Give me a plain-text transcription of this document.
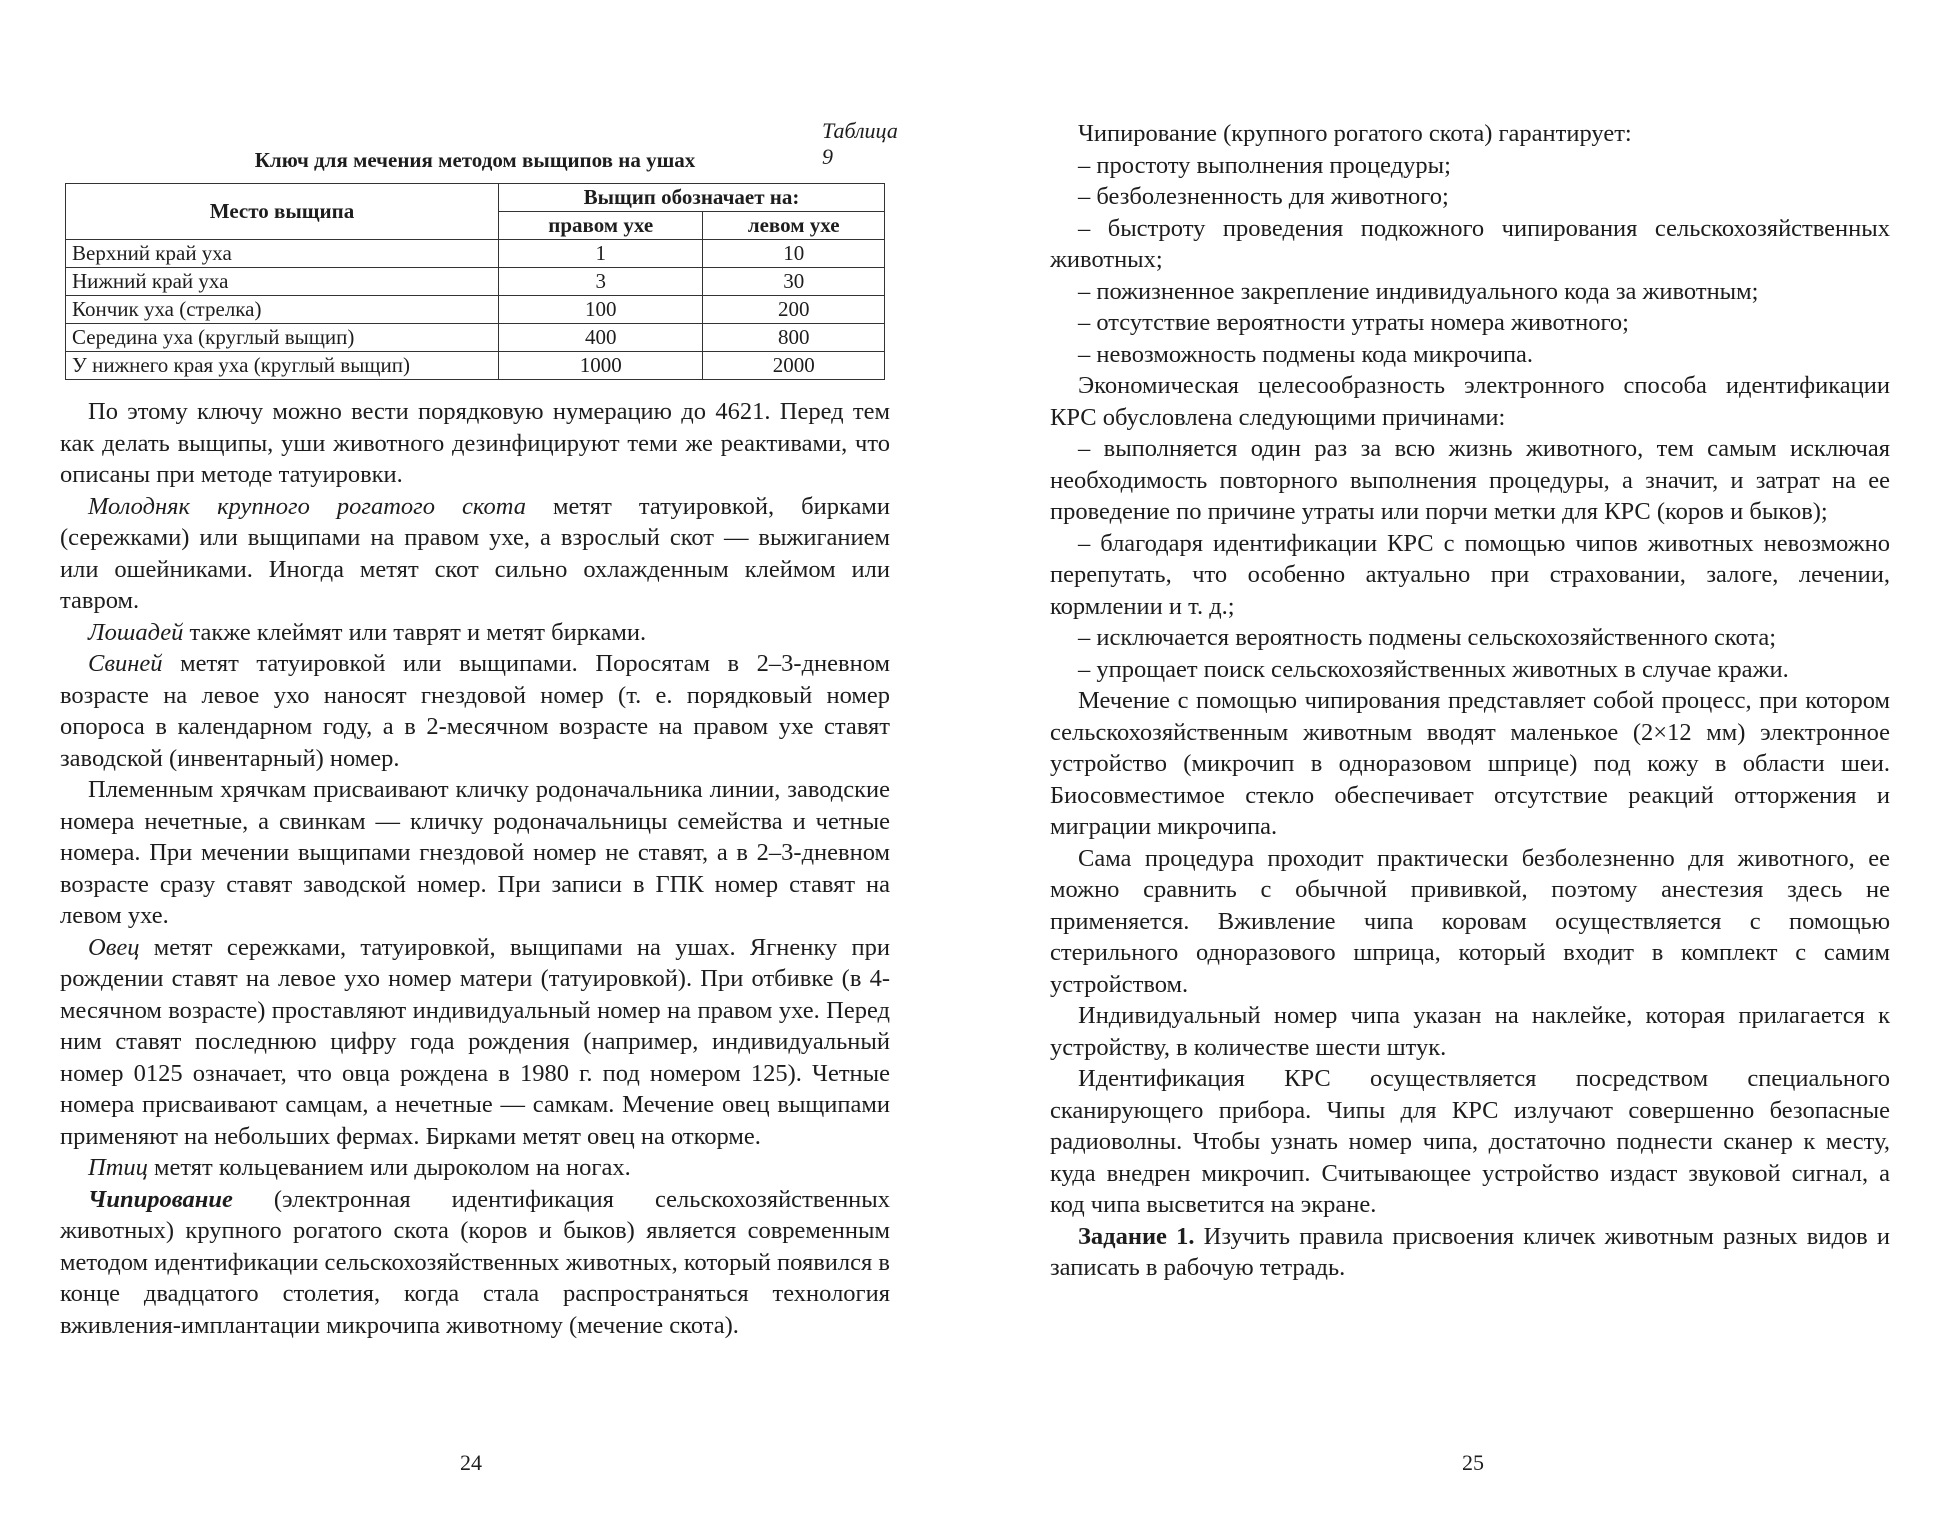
Таблица 9
Ключ для мечения методом выщипов на ушах
Место выщипа	Выщип обозначает на:	
	правом ухе	левом ухе
Верхний край уха	1	10
Нижний край уха	3	30
Кончик уха (стрелка)	100	200
Середина уха (круглый выщип)	400	800
У нижнего края уха (круглый выщип)	1000	2000

По этому ключу можно вести порядковую нумерацию до 4621. Перед тем как делать выщипы, уши животного дезинфицируют теми же реактивами, что описаны при методе татуировки.

Молодняк крупного рогатого скота метят татуировкой, бирками (сережками) или выщипами на правом ухе, а взрослый скот — выжиганием или ошейниками. Иногда метят скот сильно охлажденным клеймом или тавром.

Лошадей также клеймят или таврят и метят бирками.

Свиней метят татуировкой или выщипами. Поросятам в 2–3-дневном возрасте на левое ухо наносят гнездовой номер (т. е. порядковый номер опороса в календарном году, а в 2-месячном возрасте на правом ухе ставят заводской (инвентарный) номер.

Племенным хрячкам присваивают кличку родоначальника линии, заводские номера нечетные, а свинкам — кличку родоначальницы семейства и четные номера. При мечении выщипами гнездовой номер не ставят, а в 2–3-дневном возрасте сразу ставят заводской номер. При записи в ГПК номер ставят на левом ухе.

Овец метят сережками, татуировкой, выщипами на ушах. Ягненку при рождении ставят на левое ухо номер матери (татуировкой). При отбивке (в 4-месячном возрасте) проставляют индивидуальный номер на правом ухе. Перед ним ставят последнюю цифру года рождения (например, индивидуальный номер 0125 означает, что овца рождена в 1980 г. под номером 125). Четные номера присваивают самцам, а нечетные — самкам. Мечение овец выщипами применяют на небольших фермах. Бирками метят овец на откорме.

Птиц метят кольцеванием или дыроколом на ногах.

Чипирование (электронная идентификация сельскохозяйственных животных) крупного рогатого скота (коров и быков) является современным методом идентификации сельскохозяйственных животных, который появился в конце двадцатого столетия, когда стала распространяться технология вживления-имплантации микрочипа животному (мечение скота).

24

Чипирование (крупного рогатого скота) гарантирует:

– простоту выполнения процедуры;

– безболезненность для животного;

– быстроту проведения подкожного чипирования сельскохозяйственных животных;

– пожизненное закрепление индивидуального кода за животным;

– отсутствие вероятности утраты номера животного;

– невозможность подмены кода микрочипа.

Экономическая целесообразность электронного способа идентификации КРС обусловлена следующими причинами:

– выполняется один раз за всю жизнь животного, тем самым исключая необходимость повторного выполнения процедуры, а значит, и затрат на ее проведение по причине утраты или порчи метки для КРС (коров и быков);

– благодаря идентификации КРС с помощью чипов животных невозможно перепутать, что особенно актуально при страховании, залоге, лечении, кормлении и т. д.;

– исключается вероятность подмены сельскохозяйственного скота;

– упрощает поиск сельскохозяйственных животных в случае кражи.

Мечение с помощью чипирования представляет собой процесс, при котором сельскохозяйственным животным вводят маленькое (2×12 мм) электронное устройство (микрочип в одноразовом шприце) под кожу в области шеи. Биосовместимое стекло обеспечивает отсутствие реакций отторжения и миграции микрочипа.

Сама процедура проходит практически безболезненно для животного, ее можно сравнить с обычной прививкой, поэтому анестезия здесь не применяется. Вживление чипа коровам осуществляется с помощью стерильного одноразового шприца, который входит в комплект с самим устройством.

Индивидуальный номер чипа указан на наклейке, которая прилагается к устройству, в количестве шести штук.

Идентификация КРС осуществляется посредством специального сканирующего прибора. Чипы для КРС излучают совершенно безопасные радиоволны. Чтобы узнать номер чипа, достаточно поднести сканер к месту, куда внедрен микрочип. Считывающее устройство издаст звуковой сигнал, а код чипа высветится на экране.

Задание 1. Изучить правила присвоения кличек животным разных видов и записать в рабочую тетрадь.

25
